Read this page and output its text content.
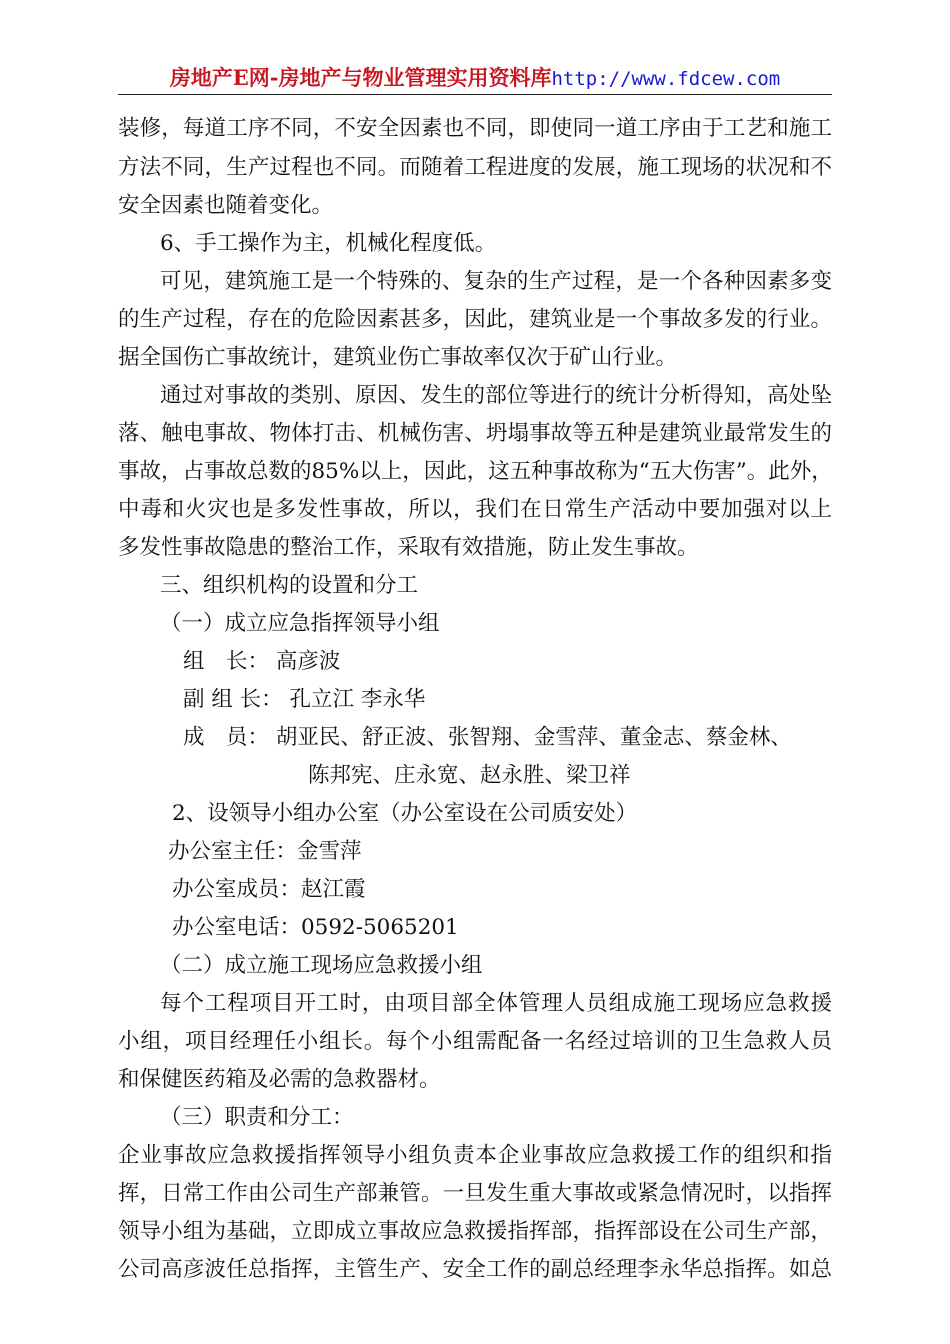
房地产E网-房地产与物业管理实用资料库http://www.fdcew.com
装修，每道工序不同，不安全因素也不同，即使同一道工序由于工艺和施工
方法不同，生产过程也不同。而随着工程进度的发展，施工现场的状况和不
安全因素也随着变化。
6、手工操作为主，机械化程度低。
可见，建筑施工是一个特殊的、复杂的生产过程，是一个各种因素多变
的生产过程，存在的危险因素甚多，因此，建筑业是一个事故多发的行业。
据全国伤亡事故统计，建筑业伤亡事故率仅次于矿山行业。
通过对事故的类别、原因、发生的部位等进行的统计分析得知，高处坠
落、触电事故、物体打击、机械伤害、坍塌事故等五种是建筑业最常发生的
事故，占事故总数的85%以上，因此，这五种事故称为“五大伤害”。此外，
中毒和火灾也是多发性事故，所以，我们在日常生产活动中要加强对以上
多发性事故隐患的整治工作，采取有效措施，防止发生事故。
三、组织机构的设置和分工
（一）成立应急指挥领导小组
组　长： 高彦波
副 组 长： 孔立江 李永华
成　员： 胡亚民、舒正波、张智翔、金雪萍、董金志、蔡金林、
陈邦宪、庄永宽、赵永胜、梁卫祥
2、设领导小组办公室（办公室设在公司质安处）
办公室主任：金雪萍
办公室成员：赵江霞
办公室电话：0592-5065201
（二）成立施工现场应急救援小组
每个工程项目开工时，由项目部全体管理人员组成施工现场应急救援
小组，项目经理任小组长。每个小组需配备一名经过培训的卫生急救人员
和保健医药箱及必需的急救器材。
（三）职责和分工：
企业事故应急救援指挥领导小组负责本企业事故应急救援工作的组织和指
挥，日常工作由公司生产部兼管。一旦发生重大事故或紧急情况时，以指挥
领导小组为基础，立即成立事故应急救援指挥部，指挥部设在公司生产部，
公司高彦波任总指挥，主管生产、安全工作的副总经理李永华总指挥。如总
